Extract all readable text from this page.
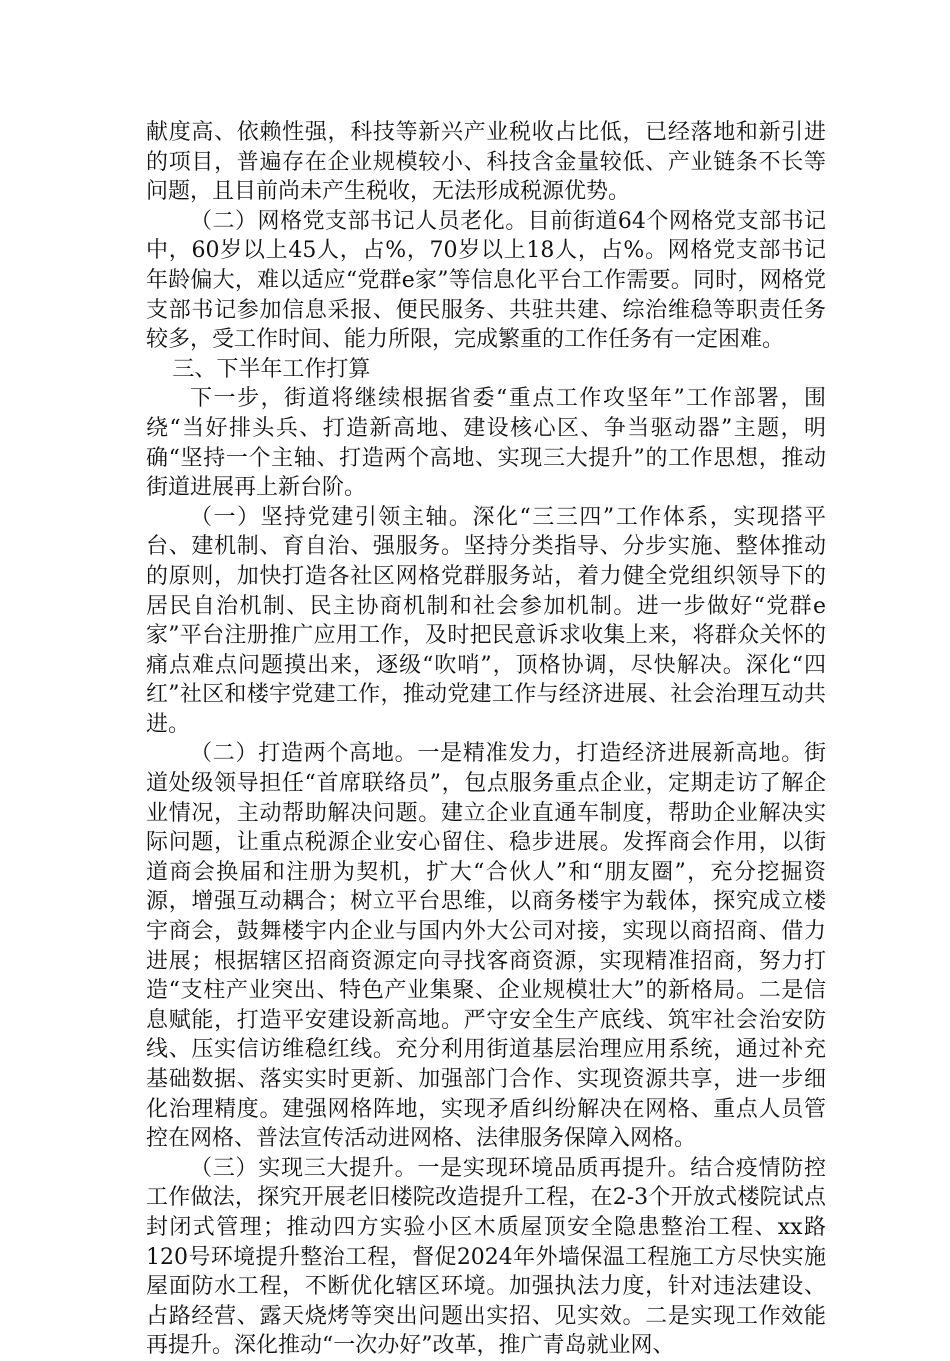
献度高、依赖性强，科技等新兴产业税收占比低，已经落地和新引进的项目，普遍存在企业规模较小、科技含金量较低、产业链条不长等问题，且目前尚未产生税收，无法形成税源优势。

（二）网格党支部书记人员老化。目前街道64个网格党支部书记中，60岁以上45人，占%，70岁以上18人，占%。网格党支部书记年龄偏大，难以适应“党群e家”等信息化平台工作需要。同时，网格党支部书记参加信息采报、便民服务、共驻共建、综治维稳等职责任务较多，受工作时间、能力所限，完成繁重的工作任务有一定困难。

三、下半年工作打算

下一步，街道将继续根据省委“重点工作攻坚年”工作部署，围绕“当好排头兵、打造新高地、建设核心区、争当驱动器”主题，明确“坚持一个主轴、打造两个高地、实现三大提升”的工作思想，推动街道进展再上新台阶。

（一）坚持党建引领主轴。深化“三三四”工作体系，实现搭平台、建机制、育自治、强服务。坚持分类指导、分步实施、整体推动的原则，加快打造各社区网格党群服务站，着力健全党组织领导下的居民自治机制、民主协商机制和社会参加机制。进一步做好“党群e家”平台注册推广应用工作，及时把民意诉求收集上来，将群众关怀的痛点难点问题摸出来，逐级“吹哨”，顶格协调，尽快解决。深化“四红”社区和楼宇党建工作，推动党建工作与经济进展、社会治理互动共进。

（二）打造两个高地。一是精准发力，打造经济进展新高地。街道处级领导担任“首席联络员”，包点服务重点企业，定期走访了解企业情况，主动帮助解决问题。建立企业直通车制度，帮助企业解决实际问题，让重点税源企业安心留住、稳步进展。发挥商会作用，以街道商会换届和注册为契机，扩大“合伙人”和“朋友圈”，充分挖掘资源，增强互动耦合；树立平台思维，以商务楼宇为载体，探究成立楼宇商会，鼓舞楼宇内企业与国内外大公司对接，实现以商招商、借力进展；根据辖区招商资源定向寻找客商资源，实现精准招商，努力打造“支柱产业突出、特色产业集聚、企业规模壮大”的新格局。二是信息赋能，打造平安建设新高地。严守安全生产底线、筑牢社会治安防线、压实信访维稳红线。充分利用街道基层治理应用系统，通过补充基础数据、落实实时更新、加强部门合作、实现资源共享，进一步细化治理精度。建强网格阵地，实现矛盾纠纷解决在网格、重点人员管控在网格、普法宣传活动进网格、法律服务保障入网格。

（三）实现三大提升。一是实现环境品质再提升。结合疫情防控工作做法，探究开展老旧楼院改造提升工程，在2-3个开放式楼院试点封闭式管理；推动四方实验小区木质屋顶安全隐患整治工程、xx路120号环境提升整治工程，督促2024年外墙保温工程施工方尽快实施屋面防水工程，不断优化辖区环境。加强执法力度，针对违法建设、占路经营、露天烧烤等突出问题出实招、见实效。二是实现工作效能再提升。深化推动“一次办好”改革，推广青岛就业网、
